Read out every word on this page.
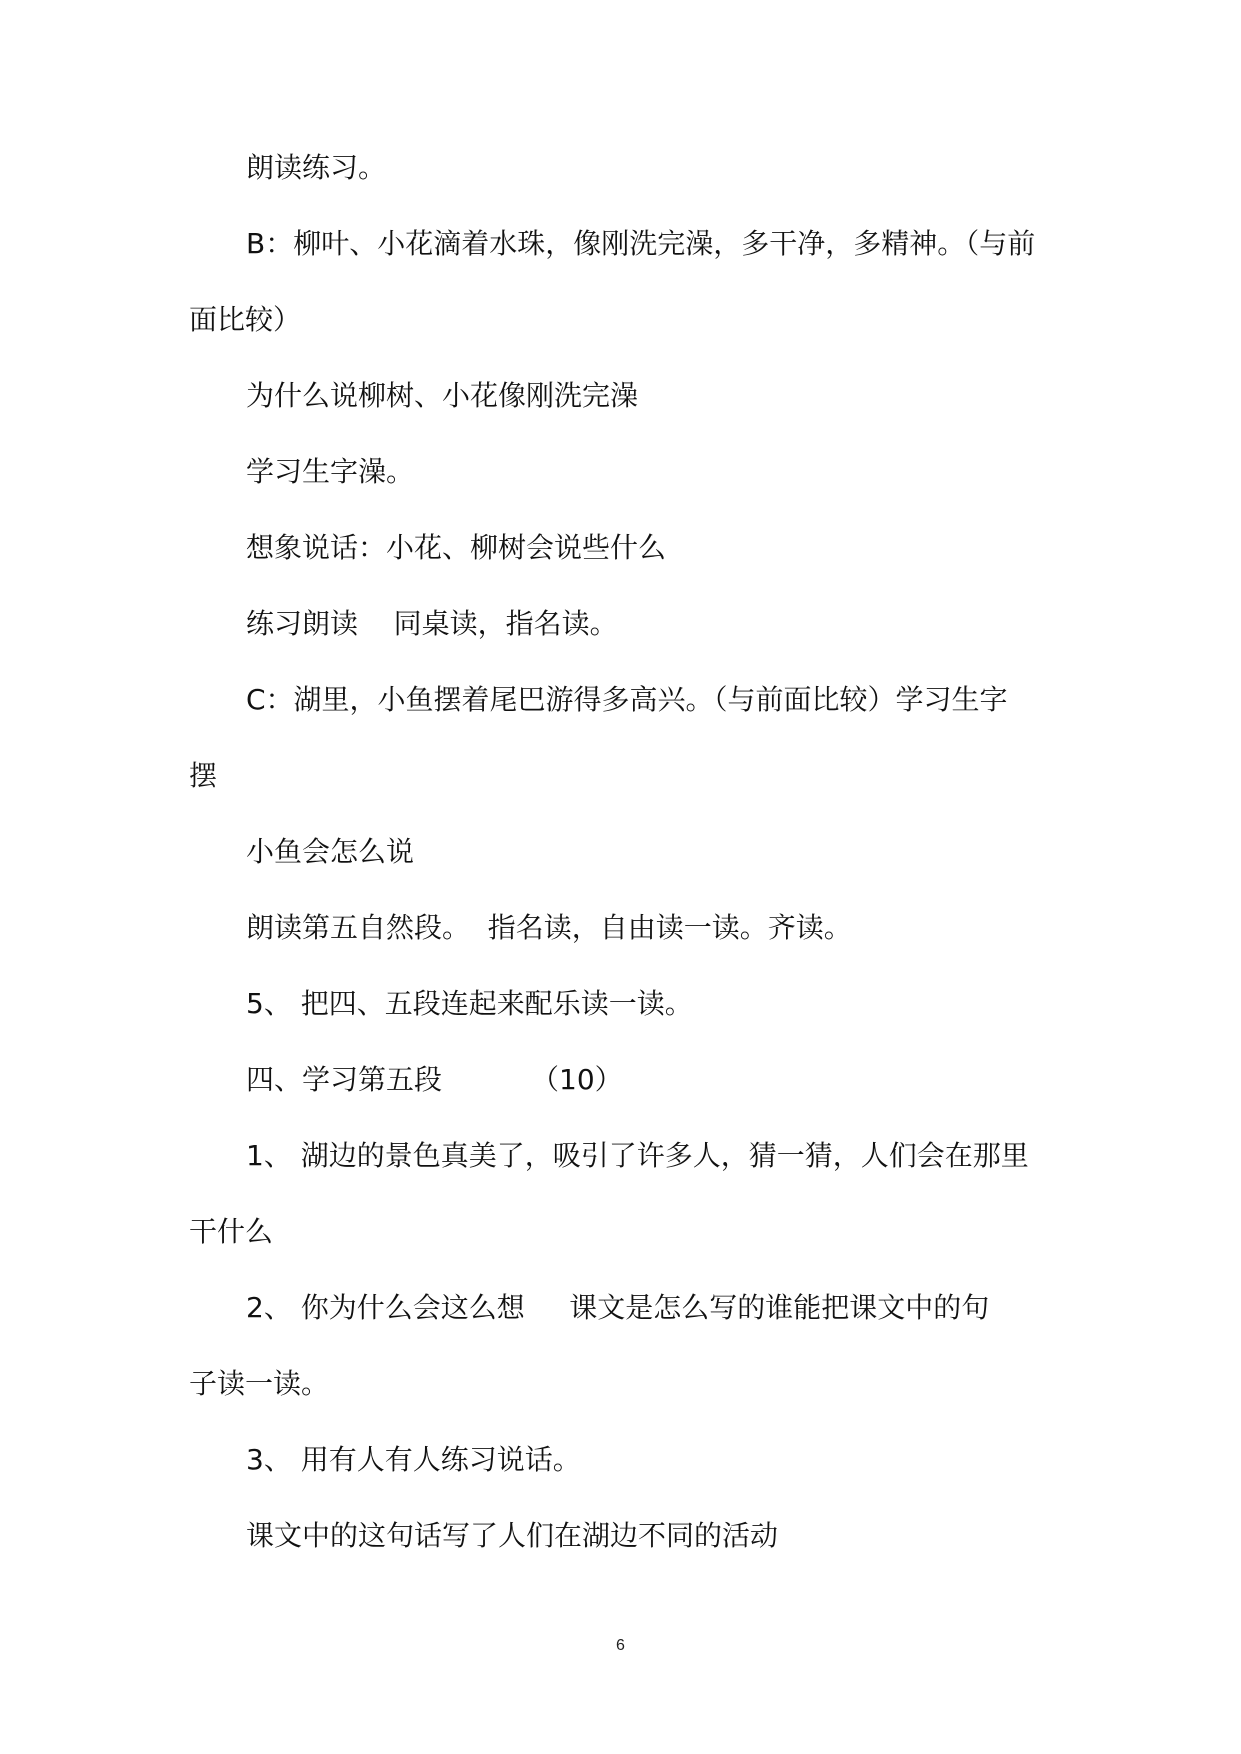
朗读练习。
B：柳叶、小花滴着水珠，像刚洗完澡，多干净，多精神。（与前
面比较）
为什么说柳树、小花像刚洗完澡
学习生字澡。
想象说话：小花、柳树会说些什么
练习朗读    同桌读，指名读。
C：湖里，小鱼摆着尾巴游得多高兴。（与前面比较）学习生字
摆
小鱼会怎么说
朗读第五自然段。  指名读，自由读一读。齐读。
5、 把四、五段连起来配乐读一读。
四、学习第五段          （10）
1、 湖边的景色真美了，吸引了许多人，猜一猜，人们会在那里
干什么
2、 你为什么会这么想     课文是怎么写的谁能把课文中的句
子读一读。
3、 用有人有人练习说话。
课文中的这句话写了人们在湖边不同的活动
6
